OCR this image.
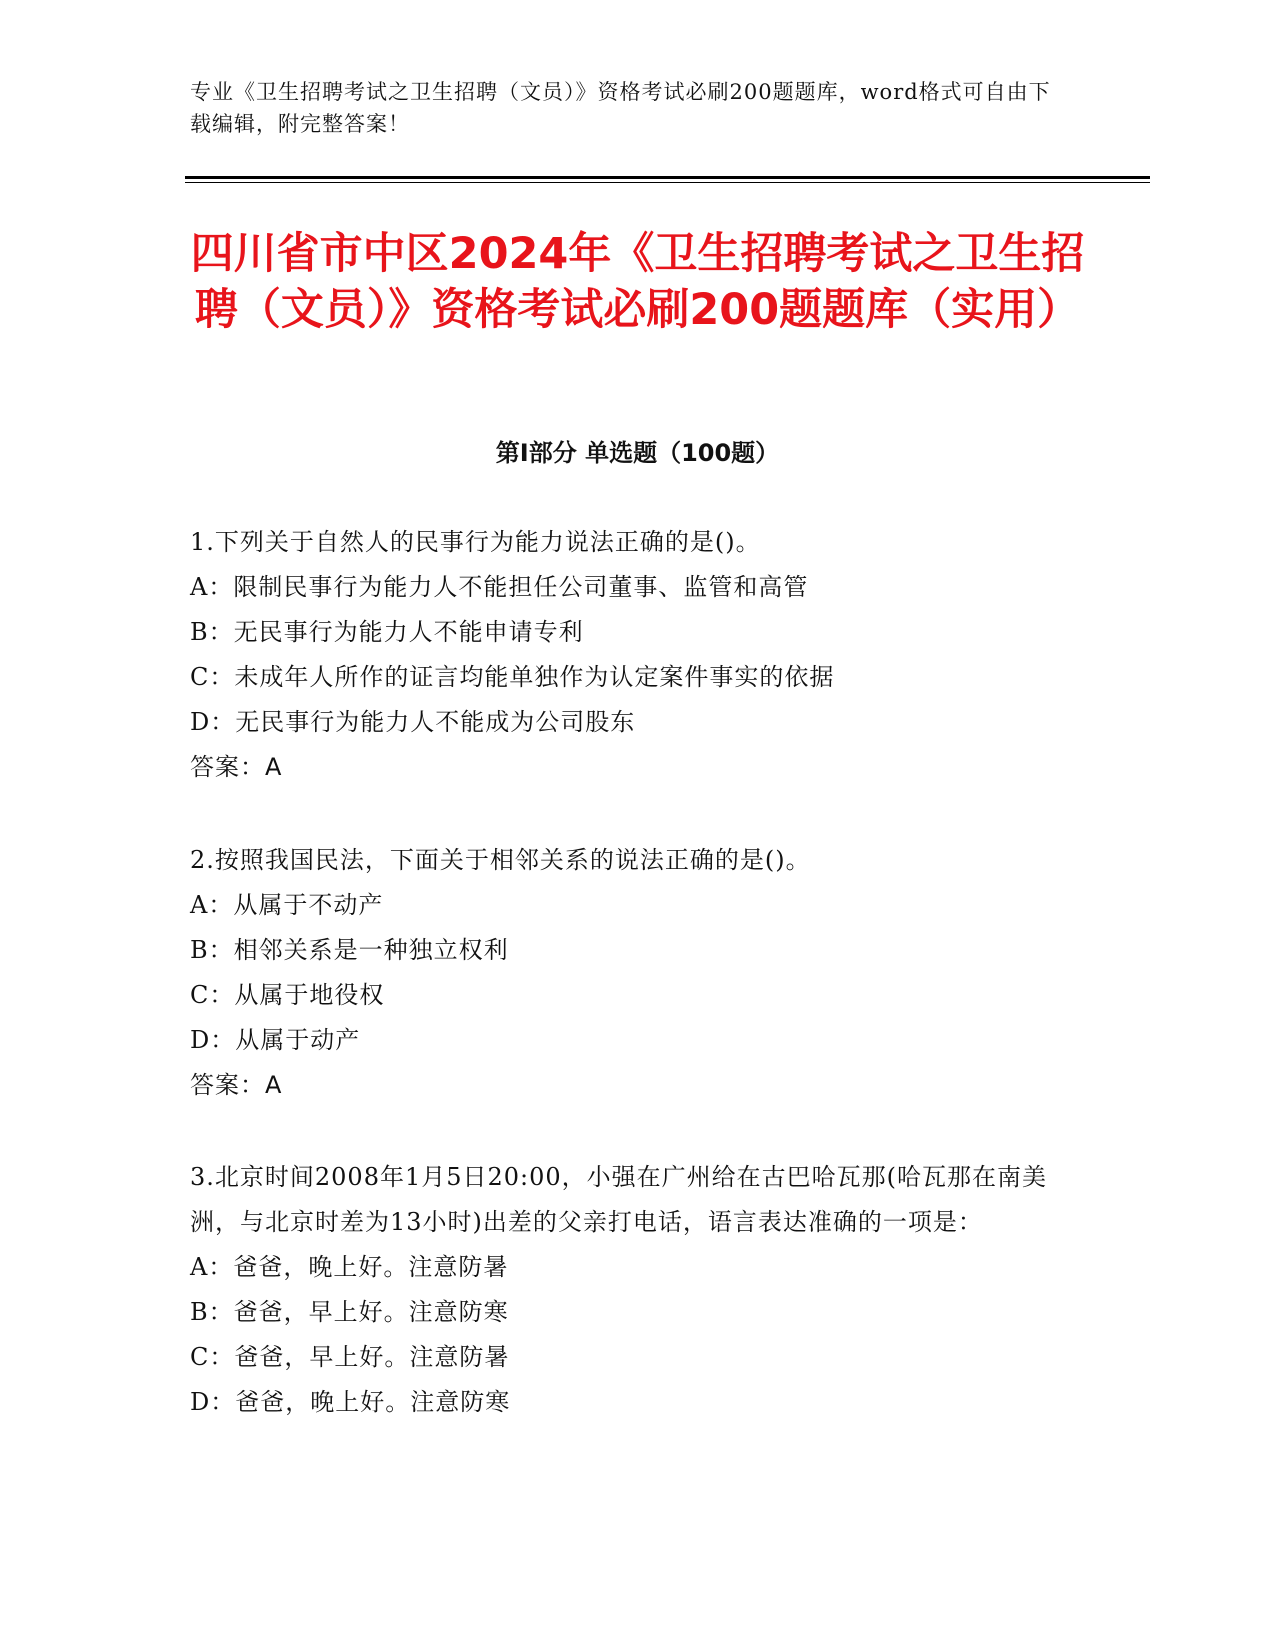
专业《卫生招聘考试之卫生招聘（文员）》资格考试必刷200题题库，word格式可自由下载编辑，附完整答案！
四川省市中区2024年《卫生招聘考试之卫生招聘（文员）》资格考试必刷200题题库（实用）
第I部分 单选题（100题）

1.下列关于自然人的民事行为能力说法正确的是()。

A：限制民事行为能力人不能担任公司董事、监管和高管

B：无民事行为能力人不能申请专利

C：未成年人所作的证言均能单独作为认定案件事实的依据

D：无民事行为能力人不能成为公司股东

答案：A

2.按照我国民法，下面关于相邻关系的说法正确的是()。

A：从属于不动产

B：相邻关系是一种独立权利

C：从属于地役权

D：从属于动产

答案：A

3.北京时间2008年1月5日20:00，小强在广州给在古巴哈瓦那(哈瓦那在南美洲，与北京时差为13小时)出差的父亲打电话，语言表达准确的一项是：

A：爸爸，晚上好。注意防暑

B：爸爸，早上好。注意防寒

C：爸爸，早上好。注意防暑

D：爸爸，晚上好。注意防寒
